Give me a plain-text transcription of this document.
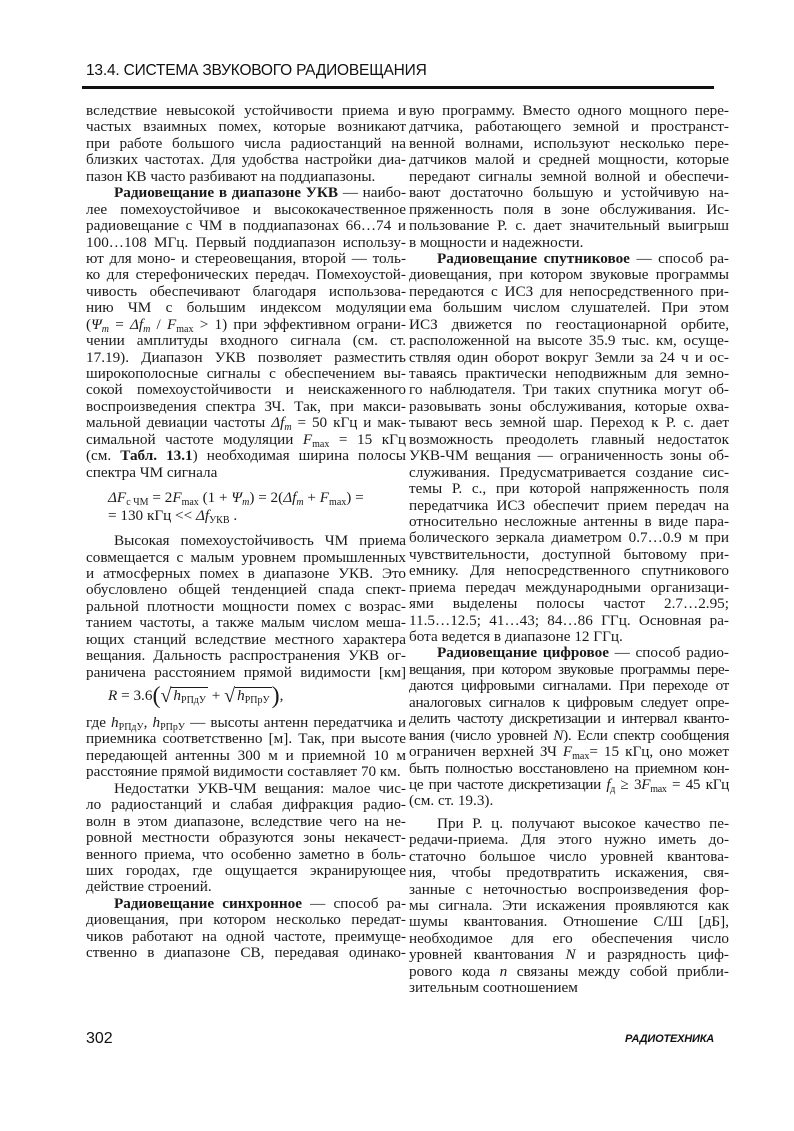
13.4. СИСТЕМА ЗВУКОВОГО РАДИОВЕЩАНИЯ
вследствие невысокой устойчивости приема и
частых взаимных помех, которые возникают
при работе большого числа радиостанций на
близких частотах. Для удобства настройки диа-
пазон КВ часто разбивают на поддиапазоны.
Радиовещание в диапазоне УКВ — наибо-
лее помехоустойчивое и высококачественное
радиовещание с ЧМ в поддиапазонах 66…74 и
100…108 МГц. Первый поддиапазон использу-
ют для моно- и стереовещания, второй — толь-
ко для стерефонических передач. Помехоустой-
чивость обеспечивают благодаря использова-
нию ЧМ с большим индексом модуляции
$(\Psi_m = \Delta f_m / F_{max} > 1)$ при эффективном ограни-
чении амплитуды входного сигнала (см. ст.
17.19). Диапазон УКВ позволяет разместить
широкополосные сигналы с обеспечением вы-
сокой помехоустойчивости и неискаженного
воспроизведения спектра ЗЧ. Так, при макси-
мальной девиации частоты $\Delta f_m = 50$ кГц и мак-
симальной частоте модуляции $F_{max} = 15$ кГц
(см. Табл. 13.1) необходимая ширина полосы
спектра ЧМ сигнала
$\Delta F_{c ЧМ} = 2F_{max}$ $(1 + \Psi_m) = 2(\Delta f_m + F_{max})$ =
= 130 кГц << $\Delta f_{УКВ}$ .
Высокая помехоустойчивость ЧМ приема
совмещается с малым уровнем промышленных
и атмосферных помех в диапазоне УКВ. Это
обусловлено общей тенденцией спада спект-
ральной плотности мощности помех с возрас-
танием частоты, а также малым числом меша-
ющих станций вследствие местного характера
вещания. Дальность распространения УКВ ог-
раничена расстоянием прямой видимости [км]
R = 3.6(√ $h_{РПдУ}$ + √ $h_{РПрУ}$),
где $h_{РПдУ}$, $h_{РПрУ}$ — высоты антенн передатчика и
приемника соответственно [м]. Так, при высоте
передающей антенны 300 м и приемной 10 м
расстояние прямой видимости составляет 70 км.
Недостатки УКВ-ЧМ вещания: малое чис-
ло радиостанций и слабая дифракция радио-
волн в этом диапазоне, вследствие чего на не-
ровной местности образуются зоны некачест-
венного приема, что особенно заметно в боль-
ших городах, где ощущается экранирующее
действие строений.
Радиовещание синхронное — способ ра-
диовещания, при котором несколько передат-
чиков работают на одной частоте, преимуще-
ственно в диапазоне СВ, передавая одинако-
вую программу. Вместо одного мощного пере-
датчика, работающего земной и пространст-
венной волнами, используют несколько пере-
датчиков малой и средней мощности, которые
передают сигналы земной волной и обеспечи-
вают достаточно большую и устойчивую на-
пряженность поля в зоне обслуживания. Ис-
пользование Р. с. дает значительный выигрыш
в мощности и надежности.
Радиовещание спутниковое — способ ра-
диовещания, при котором звуковые программы
передаются с ИСЗ для непосредственного при-
ема большим числом слушателей. При этом
ИСЗ движется по геостационарной орбите,
расположенной на высоте 35.9 тыс. км, осуще-
ствляя один оборот вокруг Земли за 24 ч и ос-
таваясь практически неподвижным для земно-
го наблюдателя. Три таких спутника могут об-
разовывать зоны обслуживания, которые охва-
тывают весь земной шар. Переход к Р. с. дает
возможность преодолеть главный недостаток
УКВ-ЧМ вещания — ограниченность зоны об-
служивания. Предусматривается создание сис-
темы Р. с., при которой напряженность поля
передатчика ИСЗ обеспечит прием передач на
относительно несложные антенны в виде пара-
болического зеркала диаметром 0.7…0.9 м при
чувствительности, доступной бытовому при-
емнику. Для непосредственного спутникового
приема передач международными организаци-
ями выделены полосы частот 2.7…2.95;
11.5…12.5; 41…43; 84…86 ГГц. Основная ра-
бота ведется в диапазоне 12 ГГц.
Радиовещание цифровое — способ радио-
вещания, при котором звуковые программы пере-
даются цифровыми сигналами. При переходе от
аналоговых сигналов к цифровым следует опре-
делить частоту дискретизации и интервал кванто-
вания (число уровней N). Если спектр сообщения
ограничен верхней ЗЧ $F_{max}= 15$ кГц, оно может
быть полностью восстановлено на приемном кон-
це при частоте дискретизации $f_д \ge 3F_{max} = 45$ кГц
(см. ст. 19.3).
При Р. ц. получают высокое качество пе-
редачи-приема. Для этого нужно иметь до-
статочно большое число уровней квантова-
ния, чтобы предотвратить искажения, свя-
занные с неточностью воспроизведения фор-
мы сигнала. Эти искажения проявляются как
шумы квантования. Отношение С/Ш [дБ],
необходимое для его обеспечения число
уровней квантования N и разрядность циф-
рового кода n связаны между собой прибли-
зительным соотношением
302	РАДИОТЕХНИКА
